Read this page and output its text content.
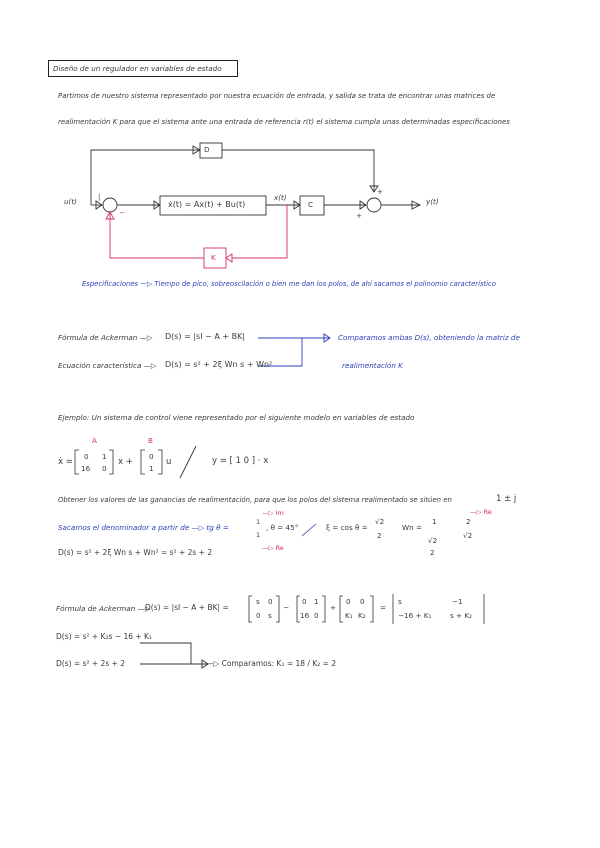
Diseño de un regulador en variables de estado
Partimos de nuestro sistema representado por nuestra ecuación de entrada, y salida se trata de encontrar unas matrices de
realimentación K para que el sistema ante una entrada de referencia r(t) el sistema cumpla unas determinadas especificaciones
D
u(t)
|
−
ẋ(t) = Ax(t) + Bu(t)
x(t)
C
+
+
y(t)
K
Especificaciones —▷ Tiempo de pico, sobreoscilación o bien me dan los polos, de ahí sacamos el polinomio característico
Fórmula de Ackerman —▷ D(s) = |sI − A + BK|
Ecuación característica —▷ D(s) = s² + 2ξ Wn s + Wn²
Comparamos ambas D(s), obteniendo la matriz de
realimentación K
Ejemplo: Un sistema de control viene representado por el siguiente modelo en variables de estado
A	B
ẋ =
0 1
16 0
x +
0
1
u	y = [ 1 0 ] · x
Obtener los valores de las ganancias de realimentación, para que los polos del sistema realimentado se sitúen en	1 ± j
Sacamos el denominador a partir de —▷ tg θ =
1
1
—▷ Im
—▷ Re
, θ = 45°	ξ = cos θ =
√2
2
Wn =
1
√2
2
2
√2
—▷ Re
D(s) = s² + 2ξ Wn s + Wn² = s² + 2s + 2
Fórmula de Ackerman —▷
D(s) = |sI − A + BK| =
s 0
0 s
−
0 1
16 0
+
0 0
K₁ K₂
=
s	−1
−16 + K₁	s + K₂
D(s) = s² + K₂s − 16 + K₁
D(s) = s² + 2s + 2	—▷ Comparamos: K₁ = 18 / K₂ = 2
